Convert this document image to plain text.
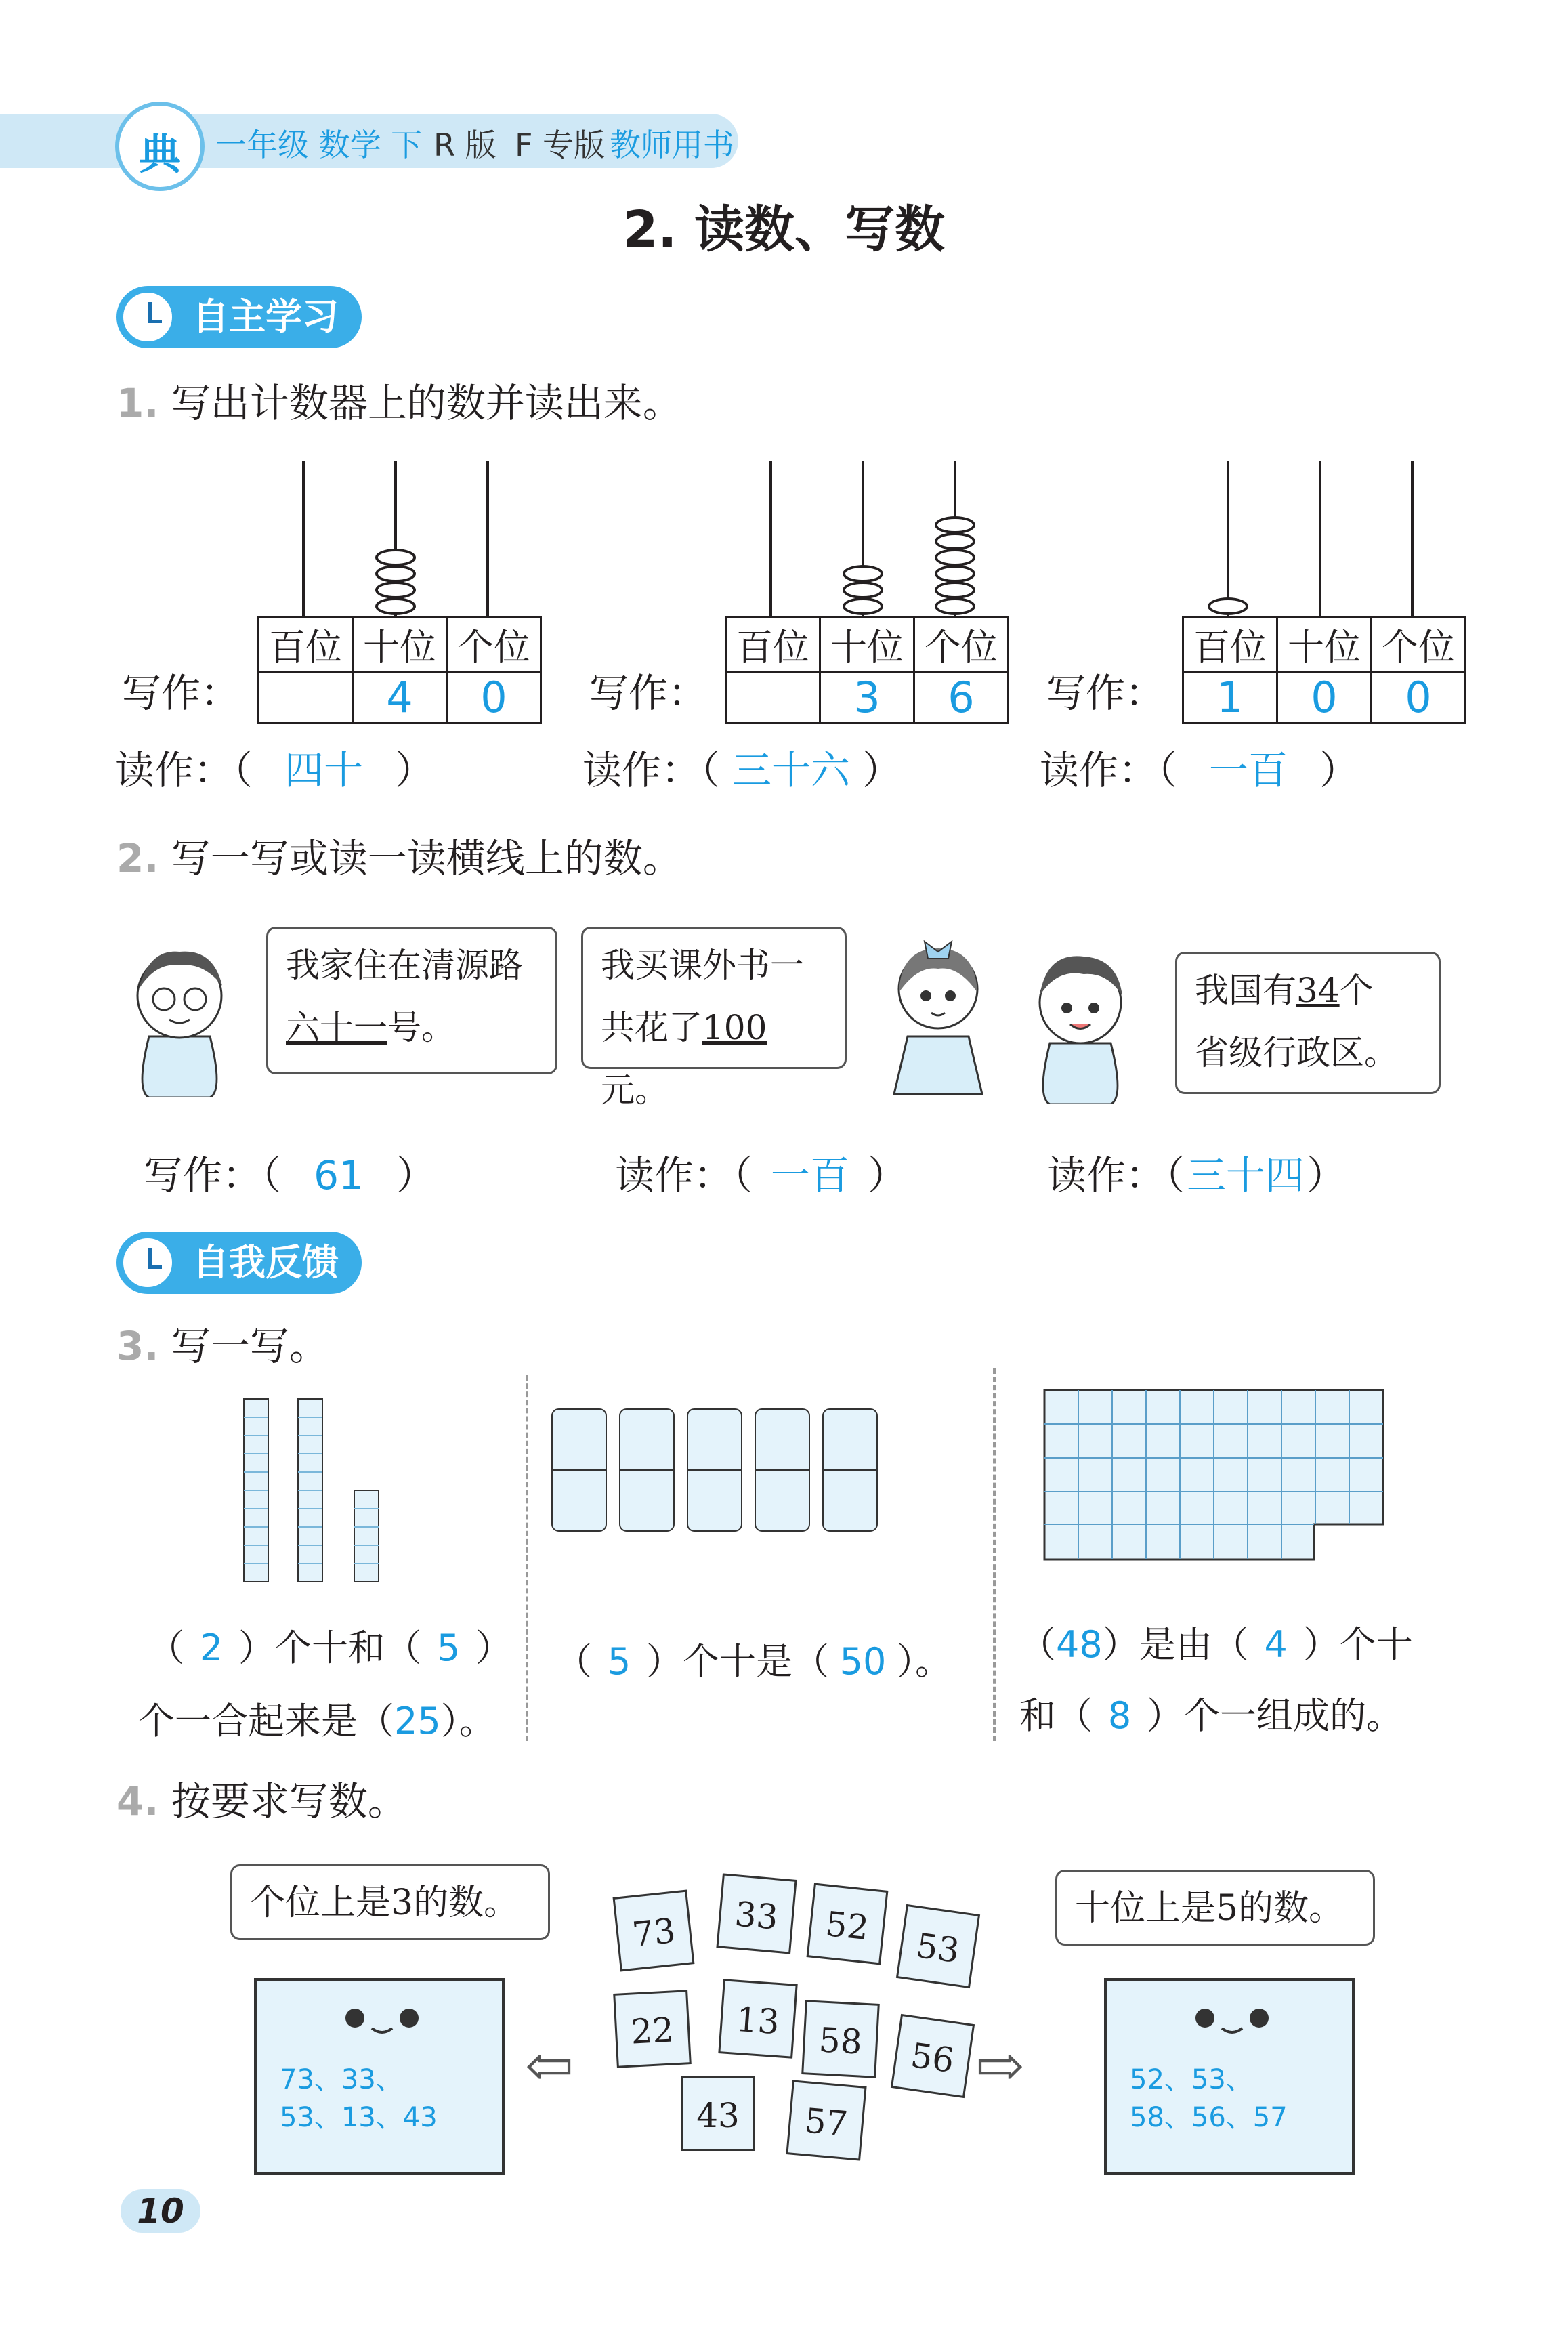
典	一年级 数学 下 R 版 F 专版 教师用书
2. 读数、写数
自主学习
1. 写出计数器上的数并读出来。
写作：
百位	十位	个位
	4	0
读作：（ 四十 ）
写作：
百位	十位	个位
	3	6
读作：（ 三十六 ）
写作：
百位	十位	个位
1	0	0
读作：（ 一百 ）
2. 写一写或读一读横线上的数。
我家住在清源路
六十一号。
我买课外书一
共花了100元。
我国有34个
省级行政区。
写作：（ 61 ）	读作：（ 一百 ）	读作：（三十四）
自我反馈
3. 写一写。
（ 2 ）个十和（ 5 ）
个一合起来是（25）。
（ 5 ）个十是（ 50 ）。 （48）是由（ 4 ）个十
和（ 8 ）个一组成的。
4. 按要求写数。
个位上是3的数。	十位上是5的数。
73、33、
53、13、43
52、53、
58、56、57
⇦	⇨
73	33	52	53
22	13	58	56
43	57
10
